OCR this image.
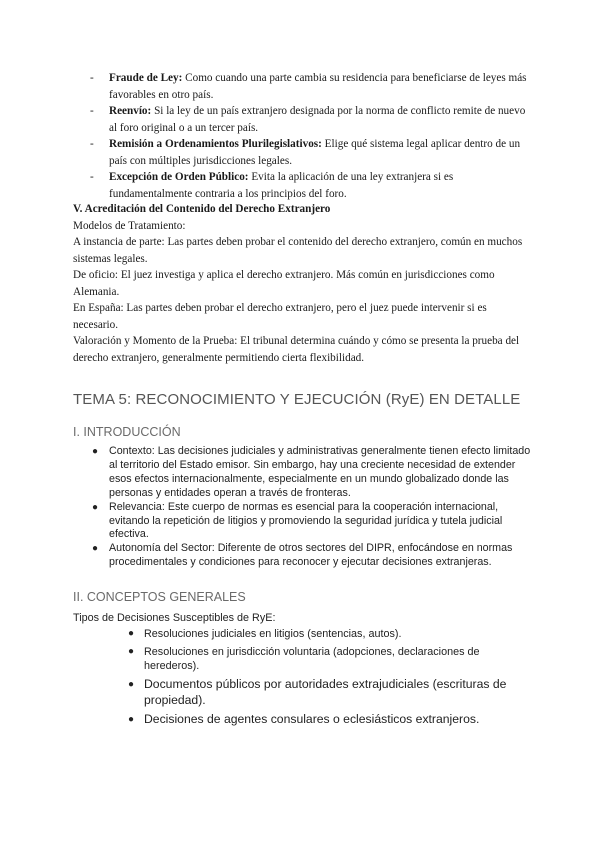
- Fraude de Ley: Como cuando una parte cambia su residencia para beneficiarse de leyes más favorables en otro país.
- Reenvío: Si la ley de un país extranjero designada por la norma de conflicto remite de nuevo al foro original o a un tercer país.
- Remisión a Ordenamientos Plurilegislativos: Elige qué sistema legal aplicar dentro de un país con múltiples jurisdicciones legales.
- Excepción de Orden Público: Evita la aplicación de una ley extranjera si es fundamentalmente contraria a los principios del foro.

V. Acreditación del Contenido del Derecho Extranjero

Modelos de Tratamiento:

A instancia de parte: Las partes deben probar el contenido del derecho extranjero, común en muchos sistemas legales.

De oficio: El juez investiga y aplica el derecho extranjero. Más común en jurisdicciones como Alemania.

En España: Las partes deben probar el derecho extranjero, pero el juez puede intervenir si es necesario.

Valoración y Momento de la Prueba: El tribunal determina cuándo y cómo se presenta la prueba del derecho extranjero, generalmente permitiendo cierta flexibilidad.

TEMA 5: RECONOCIMIENTO Y EJECUCIÓN (RyE) EN DETALLE
I. INTRODUCCIÓN
● Contexto: Las decisiones judiciales y administrativas generalmente tienen efecto limitado al territorio del Estado emisor. Sin embargo, hay una creciente necesidad de extender esos efectos internacionalmente, especialmente en un mundo globalizado donde las personas y entidades operan a través de fronteras.
● Relevancia: Este cuerpo de normas es esencial para la cooperación internacional, evitando la repetición de litigios y promoviendo la seguridad jurídica y tutela judicial efectiva.
● Autonomía del Sector: Diferente de otros sectores del DIPR, enfocándose en normas procedimentales y condiciones para reconocer y ejecutar decisiones extranjeras.
II. CONCEPTOS GENERALES
Tipos de Decisiones Susceptibles de RyE:
● Resoluciones judiciales en litigios (sentencias, autos).
● Resoluciones en jurisdicción voluntaria (adopciones, declaraciones de herederos).
● Documentos públicos por autoridades extrajudiciales (escrituras de propiedad).
● Decisiones de agentes consulares o eclesiásticos extranjeros.
